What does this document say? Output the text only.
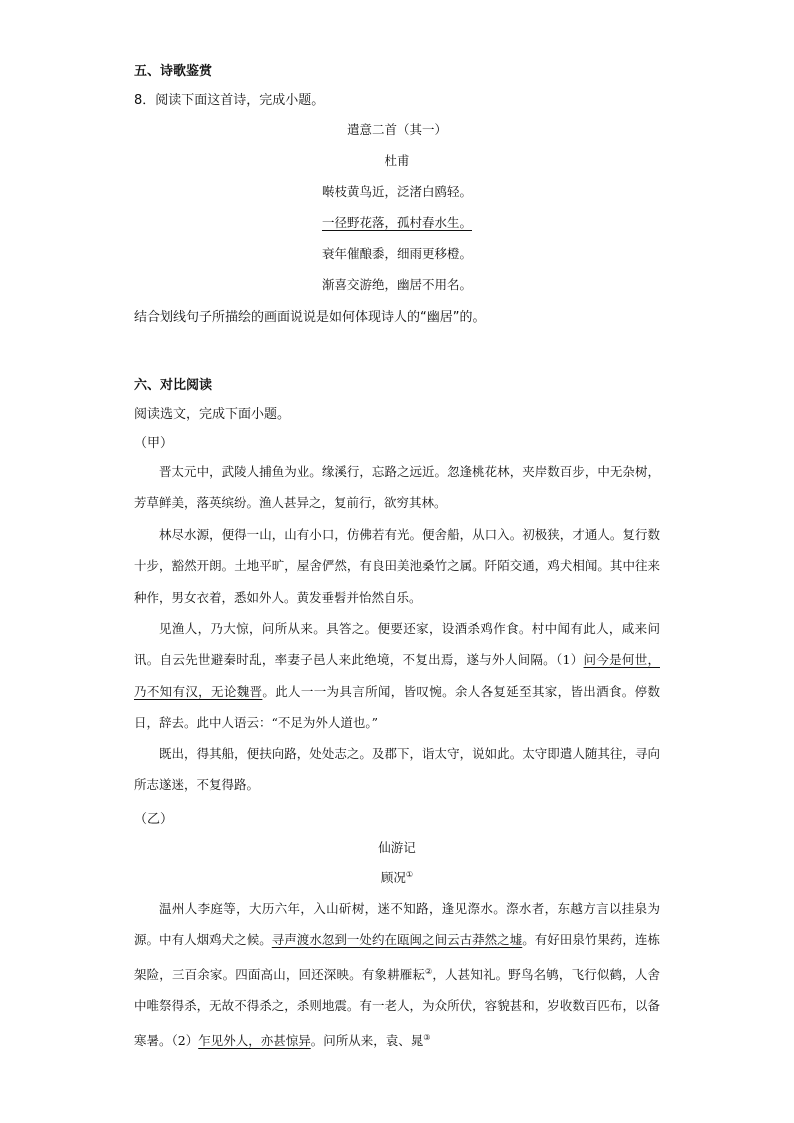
五、诗歌鉴赏
8．阅读下面这首诗，完成小题。
遣意二首（其一）
杜甫
啭枝黄鸟近，泛渚白鸥轻。
一径野花落，孤村春水生。
衰年催酿黍，细雨更移橙。
渐喜交游绝，幽居不用名。
结合划线句子所描绘的画面说说是如何体现诗人的“幽居”的。
六、对比阅读
阅读选文，完成下面小题。
（甲）
晋太元中，武陵人捕鱼为业。缘溪行，忘路之远近。忽逢桃花林，夹岸数百步，中无杂树，芳草鲜美，落英缤纷。渔人甚异之，复前行，欲穷其林。
林尽水源，便得一山，山有小口，仿佛若有光。便舍船，从口入。初极狭，才通人。复行数十步，豁然开朗。土地平旷，屋舍俨然，有良田美池桑竹之属。阡陌交通，鸡犬相闻。其中往来种作，男女衣着，悉如外人。黄发垂髫并怡然自乐。
见渔人，乃大惊，问所从来。具答之。便要还家，设酒杀鸡作食。村中闻有此人，咸来问讯。自云先世避秦时乱，率妻子邑人来此绝境，不复出焉，遂与外人间隔。（1）问今是何世，乃不知有汉，无论魏晋。此人一一为具言所闻，皆叹惋。余人各复延至其家，皆出酒食。停数日，辞去。此中人语云：“不足为外人道也。”
既出，得其船，便扶向路，处处志之。及郡下，诣太守，说如此。太守即遣人随其往，寻向所志遂迷，不复得路。
（乙）
仙游记
顾况①
温州人李庭等，大历六年，入山斫树，迷不知路，逢见漈水。漈水者，东越方言以挂泉为源。中有人烟鸡犬之候。寻声渡水忽到一处约在瓯闽之间云古莽然之墟。有好田泉竹果药，连栋架险，三百余家。四面高山，回还深映。有象耕雁耘②，人甚知礼。野鸟名鸲，飞行似鹤，人舍中唯祭得杀，无故不得杀之，杀则地震。有一老人，为众所伏，容貌甚和，岁收数百匹布，以备寒暑。（2）乍见外人，亦甚惊异。问所从来，袁、晁③
